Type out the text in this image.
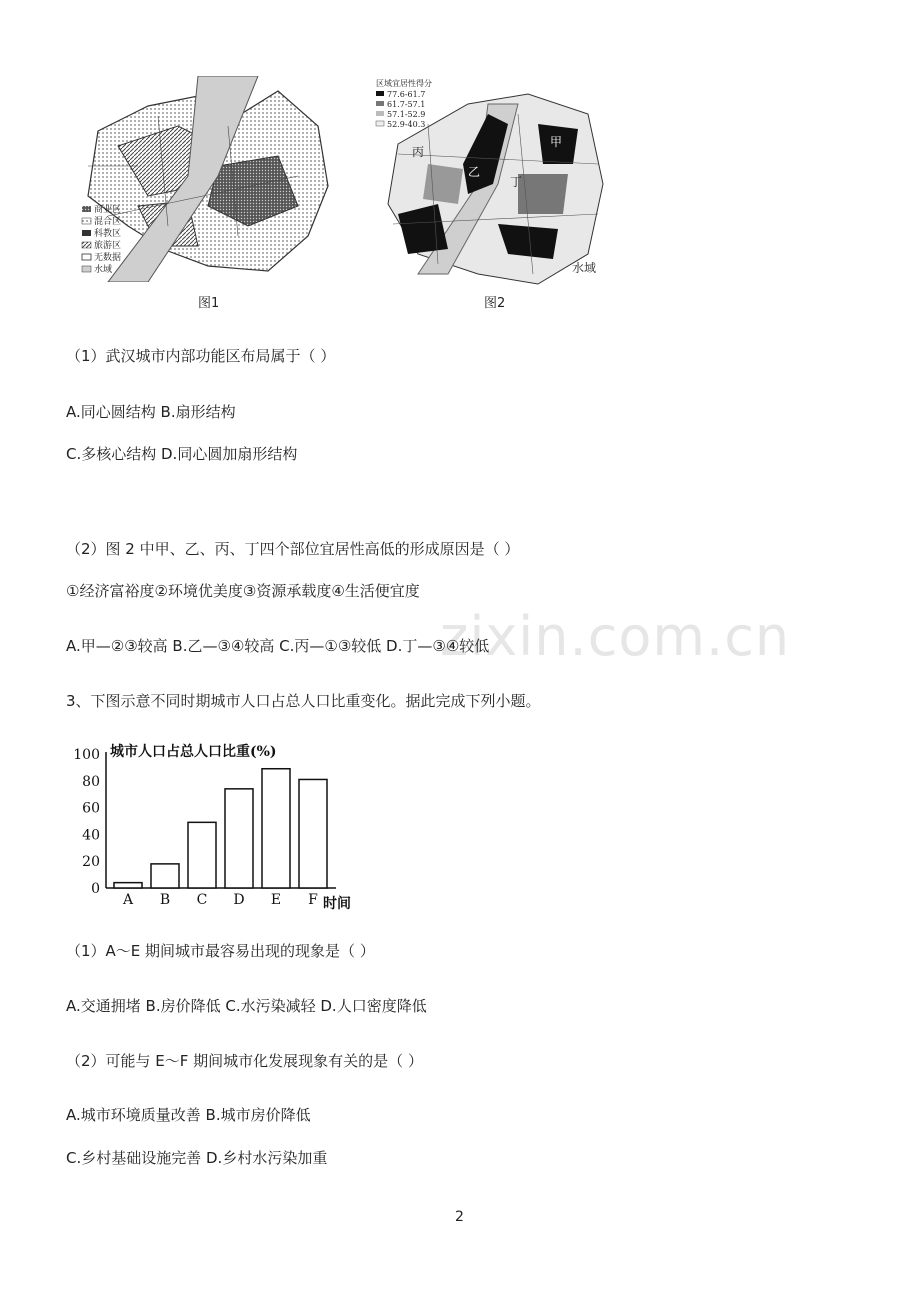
zixin.com.cn
商业区
混合区
科教区
旅游区
无数据
水域
图1
区域宜居性得分
77.6-61.7
61.7-57.1
57.1-52.9
52.9-40.3
甲
乙
丙
丁
水域
图2
（1）武汉城市内部功能区布局属于（ ）
A.同心圆结构 B.扇形结构
C.多核心结构 D.同心圆加扇形结构
（2）图 2 中甲、乙、丙、丁四个部位宜居性高低的形成原因是（ ）
①经济富裕度②环境优美度③资源承载度④生活便宜度
A.甲—②③较高 B.乙—③④较高 C.丙—①③较低 D.丁—③④较低
3、下图示意不同时期城市人口占总人口比重变化。据此完成下列小题。
0
20
40
60
80
100 城市人口占总人口比重(%)
A B C D E F 时间
（1）A～E 期间城市最容易出现的现象是（ ）
A.交通拥堵 B.房价降低 C.水污染减轻 D.人口密度降低
（2）可能与 E～F 期间城市化发展现象有关的是（ ）
A.城市环境质量改善 B.城市房价降低
C.乡村基础设施完善 D.乡村水污染加重
2
